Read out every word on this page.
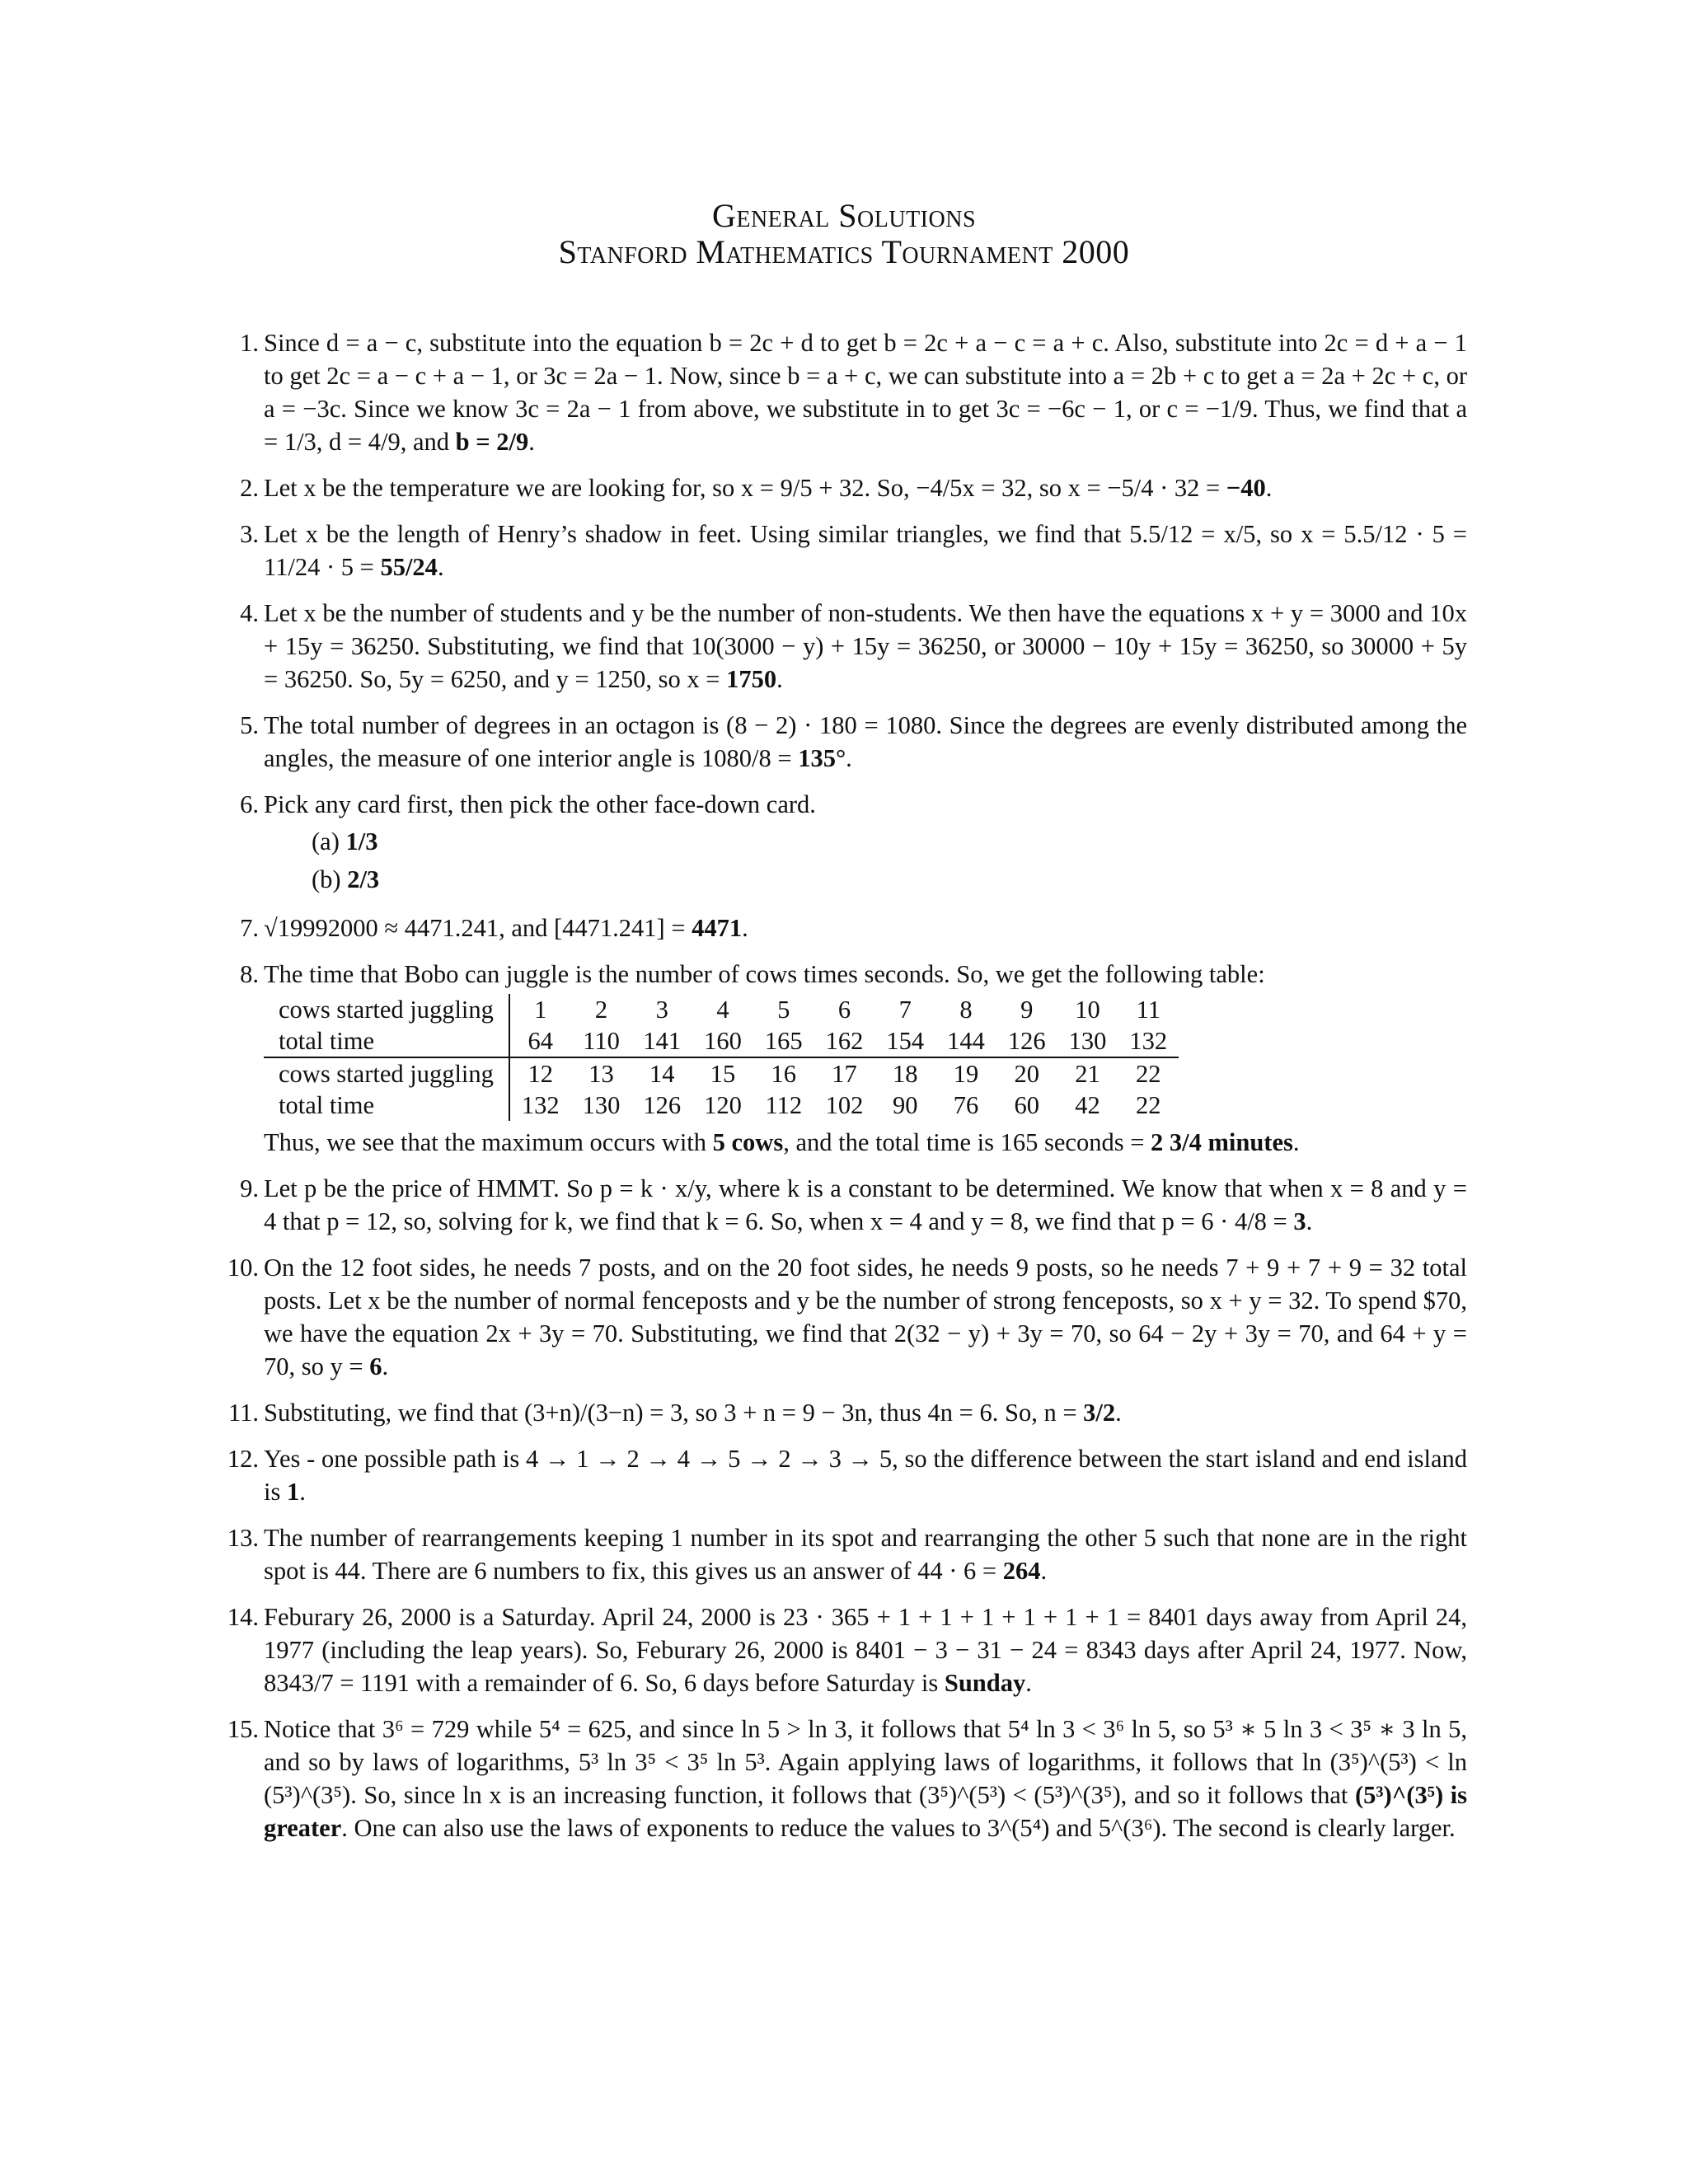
General Solutions
Stanford Mathematics Tournament 2000
1. Since d = a − c, substitute into the equation b = 2c + d to get b = 2c + a − c = a + c. Also, substitute into 2c = d + a − 1 to get 2c = a − c + a − 1, or 3c = 2a − 1. Now, since b = a + c, we can substitute into a = 2b + c to get a = 2a + 2c + c, or a = −3c. Since we know 3c = 2a − 1 from above, we substitute in to get 3c = −6c − 1, or c = −1/9. Thus, we find that a = 1/3, d = 4/9, and b = 2/9.
2. Let x be the temperature we are looking for, so x = 9/5 + 32. So, −4/5x = 32, so x = −5/4 · 32 = −40.
3. Let x be the length of Henry’s shadow in feet. Using similar triangles, we find that 5.5/12 = x/5, so x = 5.5/12 · 5 = 11/24 · 5 = 55/24.
4. Let x be the number of students and y be the number of non-students. We then have the equations x + y = 3000 and 10x + 15y = 36250. Substituting, we find that 10(3000 − y) + 15y = 36250, or 30000 − 10y + 15y = 36250, so 30000 + 5y = 36250. So, 5y = 6250, and y = 1250, so x = 1750.
5. The total number of degrees in an octagon is (8 − 2) · 180 = 1080. Since the degrees are evenly distributed among the angles, the measure of one interior angle is 1080/8 = 135°.
6. Pick any card first, then pick the other face-down card.
(a) 1/3
(b) 2/3
7. √19992000 ≈ 4471.241, and [4471.241] = 4471.
8. The time that Bobo can juggle is the number of cows times seconds. So, we get the following table:
cows started juggling	1	2	3	4	5	6	7	8	9	10	11
total time	64	110	141	160	165	162	154	144	126	130	132
cows started juggling	12	13	14	15	16	17	18	19	20	21	22
total time	132	130	126	120	112	102	90	76	60	42	22
Thus, we see that the maximum occurs with 5 cows, and the total time is 165 seconds = 2 3/4 minutes.
9. Let p be the price of HMMT. So p = k · x/y, where k is a constant to be determined. We know that when x = 8 and y = 4 that p = 12, so, solving for k, we find that k = 6. So, when x = 4 and y = 8, we find that p = 6 · 4/8 = 3.
10. On the 12 foot sides, he needs 7 posts, and on the 20 foot sides, he needs 9 posts, so he needs 7 + 9 + 7 + 9 = 32 total posts. Let x be the number of normal fenceposts and y be the number of strong fenceposts, so x + y = 32. To spend $70, we have the equation 2x + 3y = 70. Substituting, we find that 2(32 − y) + 3y = 70, so 64 − 2y + 3y = 70, and 64 + y = 70, so y = 6.
11. Substituting, we find that (3+n)/(3−n) = 3, so 3 + n = 9 − 3n, thus 4n = 6. So, n = 3/2.
12. Yes - one possible path is 4 → 1 → 2 → 4 → 5 → 2 → 3 → 5, so the difference between the start island and end island is 1.
13. The number of rearrangements keeping 1 number in its spot and rearranging the other 5 such that none are in the right spot is 44. There are 6 numbers to fix, this gives us an answer of 44 · 6 = 264.
14. Feburary 26, 2000 is a Saturday. April 24, 2000 is 23 · 365 + 1 + 1 + 1 + 1 + 1 + 1 = 8401 days away from April 24, 1977 (including the leap years). So, Feburary 26, 2000 is 8401 − 3 − 31 − 24 = 8343 days after April 24, 1977. Now, 8343/7 = 1191 with a remainder of 6. So, 6 days before Saturday is Sunday.
15. Notice that 3⁶ = 729 while 5⁴ = 625, and since ln 5 > ln 3, it follows that 5⁴ ln 3 < 3⁶ ln 5, so 5³ ∗ 5 ln 3 < 3⁵ ∗ 3 ln 5, and so by laws of logarithms, 5³ ln 3⁵ < 3⁵ ln 5³. Again applying laws of logarithms, it follows that ln (3⁵)^(5³) < ln (5³)^(3⁵). So, since ln x is an increasing function, it follows that (3⁵)^(5³) < (5³)^(3⁵), and so it follows that (5³)^(3⁵) is greater. One can also use the laws of exponents to reduce the values to 3^(5⁴) and 5^(3⁶). The second is clearly larger.
